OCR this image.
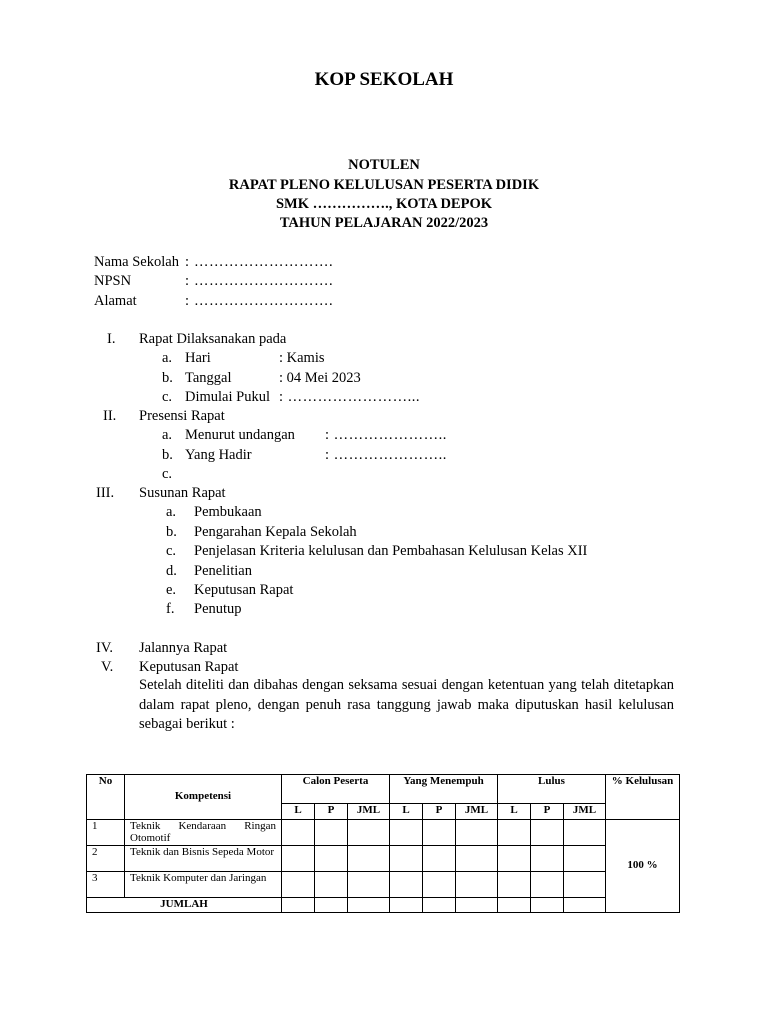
KOP SEKOLAH
NOTULEN
RAPAT PLENO KELULUSAN PESERTA DIDIK
SMK ……………., KOTA DEPOK
TAHUN PELAJARAN 2022/2023
Nama Sekolah : ……………………….
NPSN	: ……………………….
Alamat	: ……………………….
I. Rapat Dilaksanakan pada
a. Hari	: Kamis
b. Tanggal	: 04 Mei 2023
c. Dimulai Pukul : ……………………...
II. Presensi Rapat
a. Menurut undangan : …………………..
b. Yang Hadir	: …………………..
c.
III. Susunan Rapat
a. Pembukaan
b. Pengarahan Kepala Sekolah
c. Penjelasan Kriteria kelulusan dan Pembahasan Kelulusan Kelas XII
d. Penelitian
e. Keputusan Rapat
f. Penutup
IV. Jalannya Rapat
V. Keputusan Rapat
Setelah diteliti dan dibahas dengan seksama sesuai dengan ketentuan yang telah ditetapkan dalam rapat pleno, dengan penuh rasa tanggung jawab maka diputuskan hasil kelulusan sebagai berikut :
No	Kompetensi	Calon Peserta			Yang Menempuh			Lulus			% Kelulusan
		L	P	JML	L	P	JML	L	P	JML	
1	Teknik Kendaraan Ringan Otomotif										100 %
2	Teknik dan Bisnis Sepeda Motor										
3	Teknik Komputer dan Jaringan										
JUMLAH											
